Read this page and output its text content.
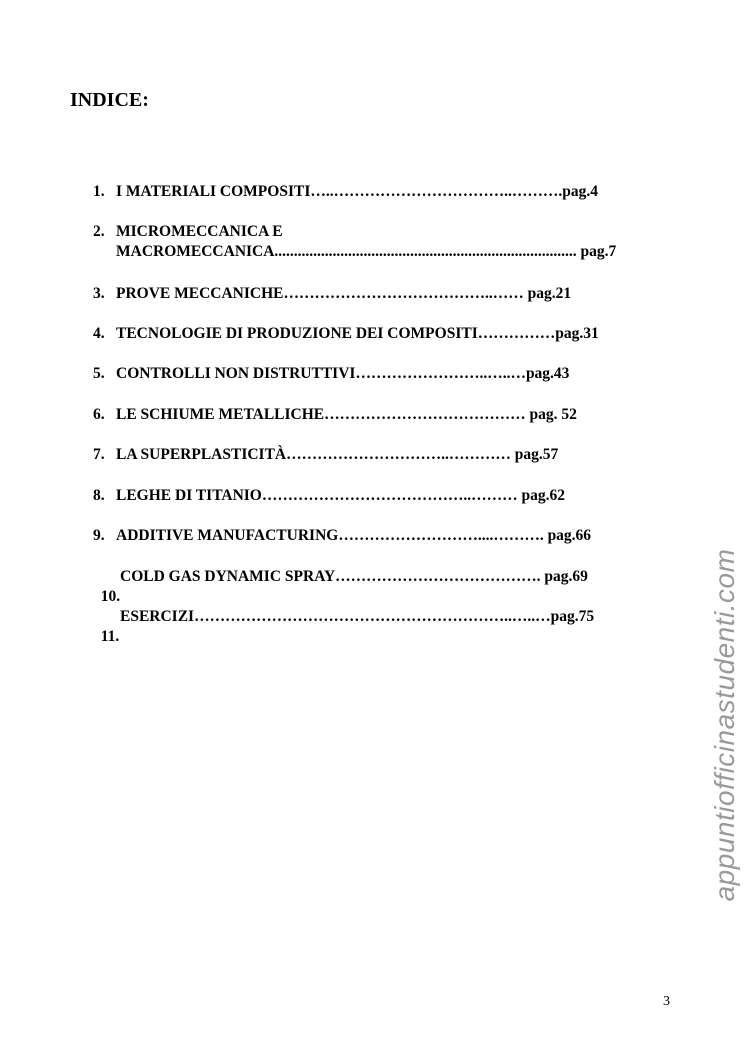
INDICE:

1.

I MATERIALI COMPOSITI…..……………………………..……….pag.4

2.

MICROMECCANICA E

MACROMECCANICA.............................................................................. pag.7

3.

PROVE MECCANICHE…………………………………..…… pag.21

4.

TECNOLOGIE DI PRODUZIONE DEI COMPOSITI……………pag.31

5.

CONTROLLI NON DISTRUTTIVI……………………..…..…pag.43

6.

LE SCHIUME METALLICHE………………………………… pag. 52

7.

LA SUPERPLASTICITÀ…………………………..………… pag.57

8.

LEGHE DI TITANIO…………………………………..……… pag.62

9.

ADDITIVE MANUFACTURING………………………....………. pag.66

10.

COLD GAS DYNAMIC SPRAY…………………………………. pag.69

11.

ESERCIZI……………………………………………………..…..…pag.75	appuntiofficinastudenti.com
3
